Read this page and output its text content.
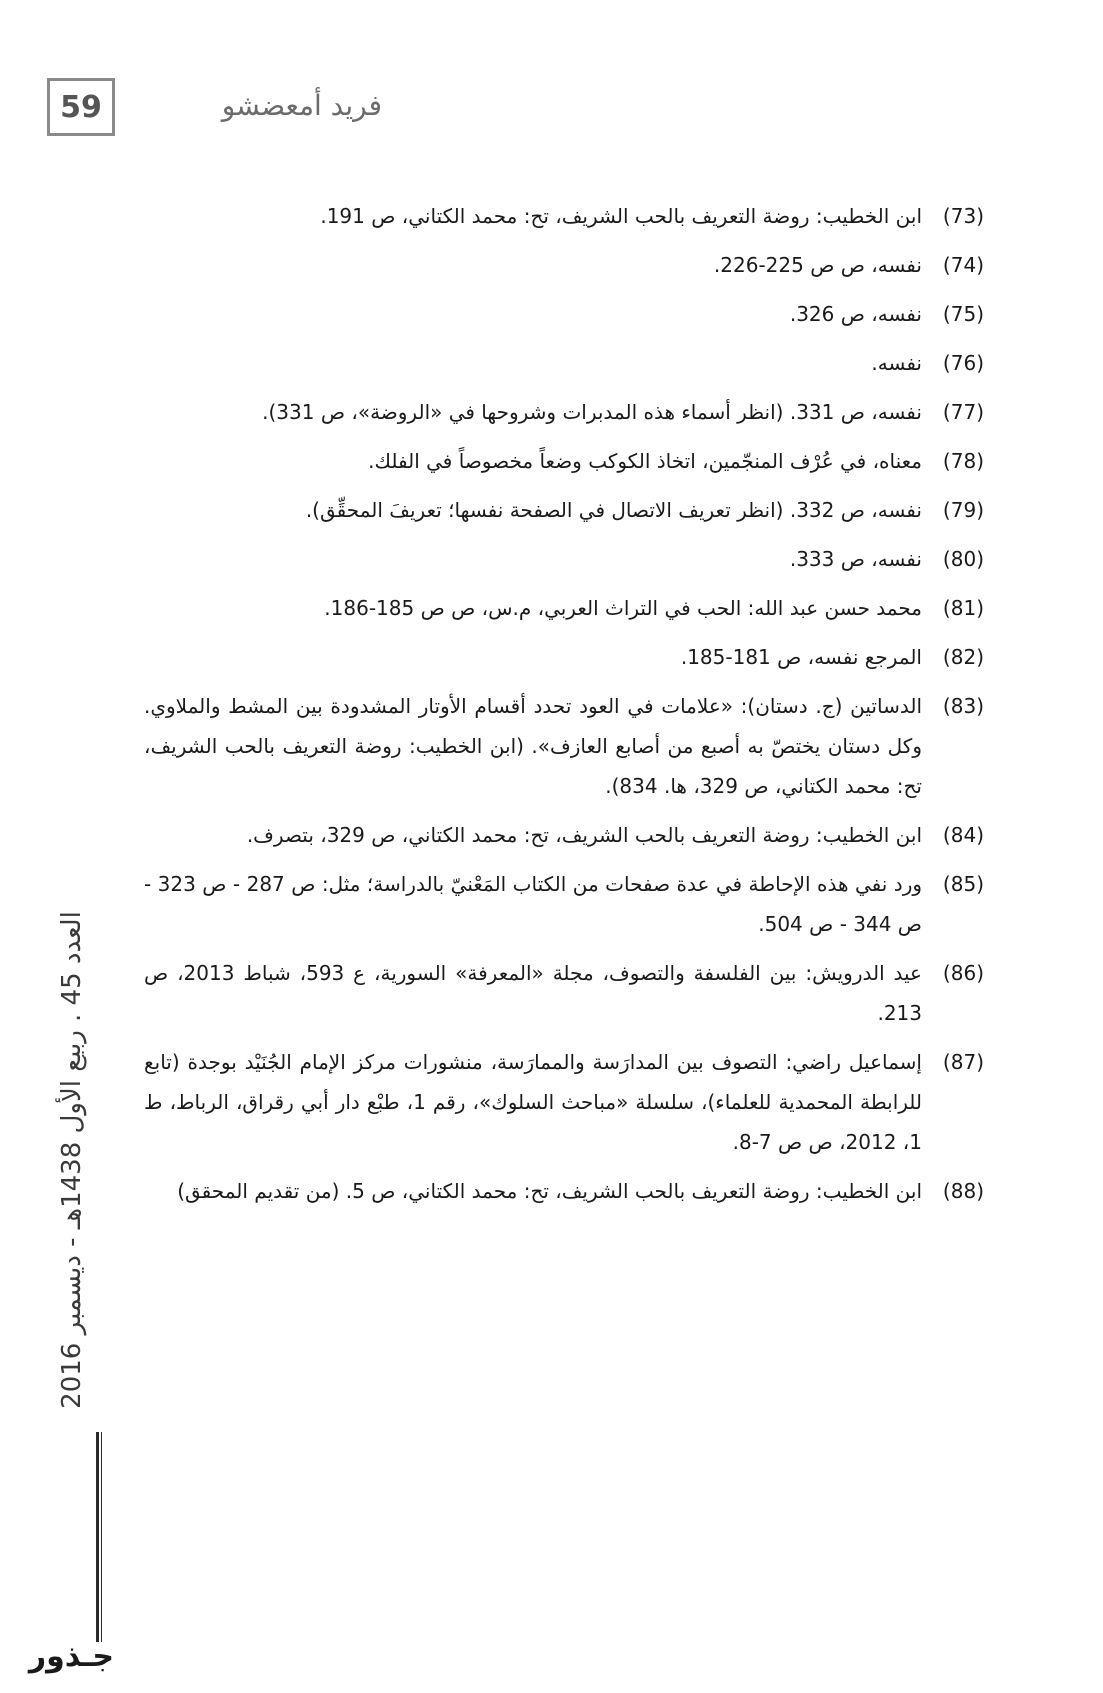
59	فريد أمعضشو
(73)
ابن الخطيب: روضة التعريف بالحب الشريف، تح: محمد الكتاني، ص 191.
(74)
نفسه، ص ص 225-226.
(75)
نفسه، ص 326.
(76)
نفسه.
(77)
نفسه، ص 331. (انظر أسماء هذه المدبرات وشروحها في «الروضة»، ص 331).
(78)
معناه، في عُرْف المنجّمين، اتخاذ الكوكب وضعاً مخصوصاً في الفلك.
(79)
نفسه، ص 332. (انظر تعريف الاتصال في الصفحة نفسها؛ تعريفَ المحقِّق).
(80)
نفسه، ص 333.
(81)
محمد حسن عبد الله: الحب في التراث العربي، م.س، ص ص 185-186.
(82)
المرجع نفسه، ص 181-185.
(83)
الدساتين (ج. دستان): «علامات في العود تحدد أقسام الأوتار المشدودة بين المشط والملاوي. وكل دستان يختصّ به أصبع من أصابع العازف». (ابن الخطيب: روضة التعريف بالحب الشريف، تح: محمد الكتاني، ص 329، ها. 834).
(84)
ابن الخطيب: روضة التعريف بالحب الشريف، تح: محمد الكتاني، ص 329، بتصرف.
(85)
ورد نفي هذه الإحاطة في عدة صفحات من الكتاب المَعْنيّ بالدراسة؛ مثل: ص 287 - ص 323 - ص 344 - ص 504.
(86)
عيد الدرويش: بين الفلسفة والتصوف، مجلة «المعرفة» السورية، ع 593، شباط 2013، ص 213.
(87)
إسماعيل راضي: التصوف بين المدارَسة والممارَسة، منشورات مركز الإمام الجُنَيْد بوجدة (تابع للرابطة المحمدية للعلماء)، سلسلة «مباحث السلوك»، رقم 1، طبْع دار أبي رقراق، الرباط، ط 1، 2012، ص ص 7-8.
(88)
ابن الخطيب: روضة التعريف بالحب الشريف، تح: محمد الكتاني، ص 5. (من تقديم المحقق)
العدد 45 . ربيع الأول 1438هـ - ديسمبر 2016
جـذور
